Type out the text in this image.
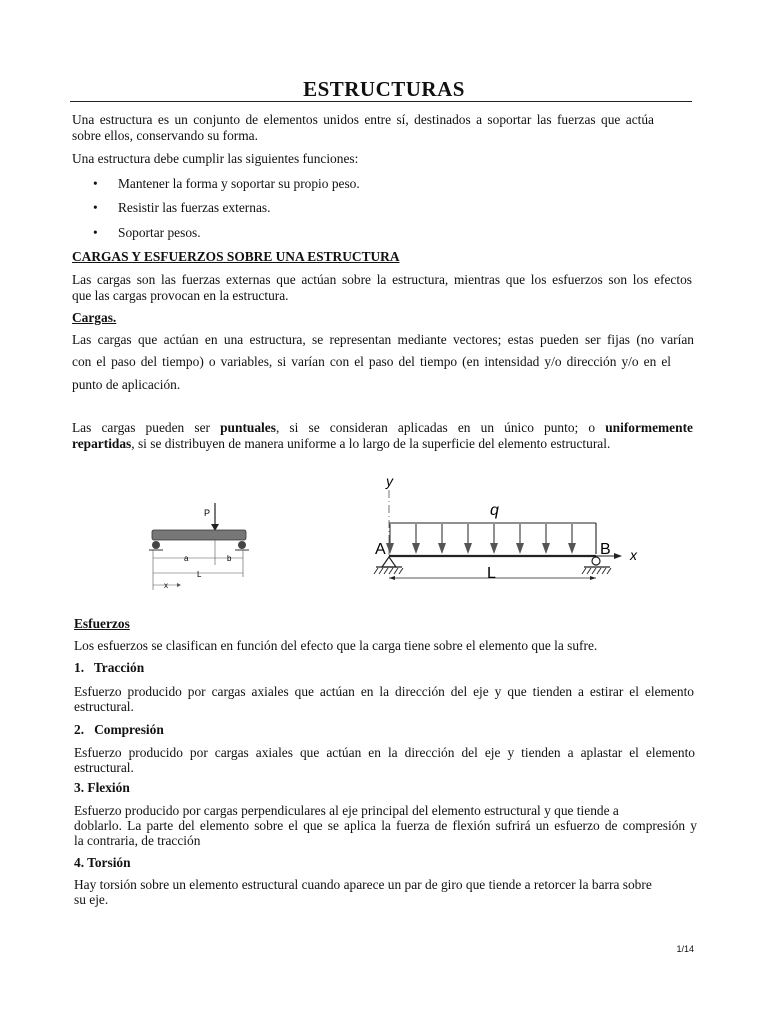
ESTRUCTURAS

Una estructura es un conjunto de elementos unidos entre sí, destinados a soportar las fuerzas que actúa

sobre ellos, conservando su forma.

Una estructura debe cumplir las siguientes funciones:

• Mantener la forma y soportar su propio peso.
• Resistir las fuerzas externas.
• Soportar pesos.

CARGAS Y ESFUERZOS SOBRE UNA ESTRUCTURA

Las cargas son las fuerzas externas que actúan sobre la estructura, mientras que los esfuerzos son los efectos

que las cargas provocan en la estructura.

Cargas.

Las cargas que actúan en una estructura, se representan mediante vectores; estas pueden ser fijas (no varían

con el paso del tiempo) o variables, si varían con el paso del tiempo (en intensidad y/o dirección y/o en el

punto de aplicación.

Las cargas pueden ser puntuales, si se consideran aplicadas en un único punto; o uniformemente

repartidas, si se distribuyen de manera uniforme a lo largo de la superficie del elemento estructural.

P
a	b
L
x
y
q
x
A	B
L

Esfuerzos

Los esfuerzos se clasifican en función del efecto que la carga tiene sobre el elemento que la sufre.

1.   Tracción

Esfuerzo producido por cargas axiales que actúan en la dirección del eje y que tienden a estirar el elemento

estructural.

2.   Compresión

Esfuerzo producido por cargas axiales que actúan en la dirección del eje y tienden a aplastar el elemento

estructural.

3. Flexión

Esfuerzo producido por cargas perpendiculares al eje principal del elemento estructural y que tiende a

doblarlo. La parte del elemento sobre el que se aplica la fuerza de flexión sufrirá un esfuerzo de compresión y

la contraria, de tracción

4. Torsión

Hay torsión sobre un elemento estructural cuando aparece un par de giro que tiende a retorcer la barra sobre

su eje.

1/14
